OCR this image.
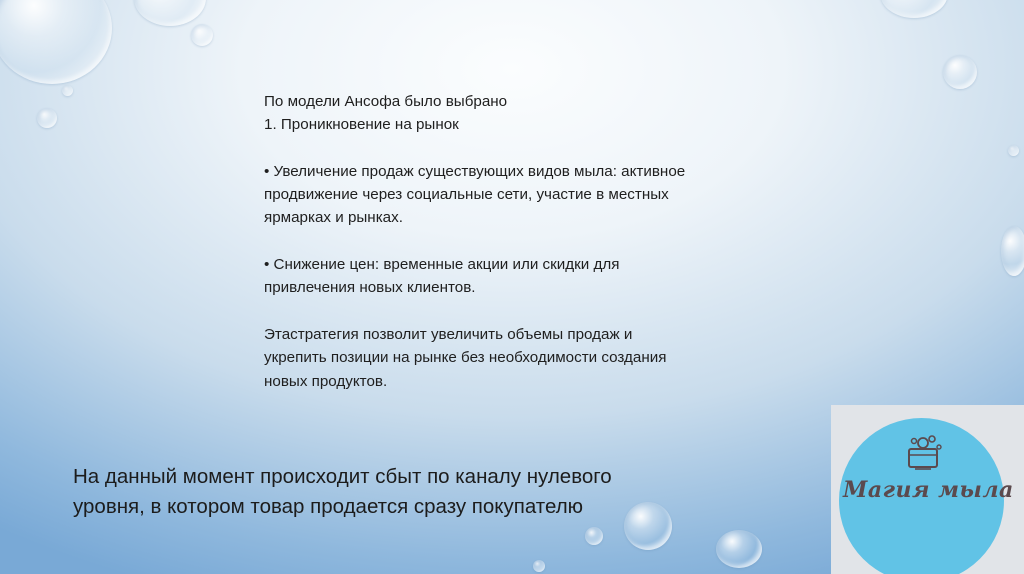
По модели Ансофа было выбрано

1. Проникновение на рынок

• Увеличение продаж существующих видов мыла: активное

продвижение через социальные сети, участие в местных

ярмарках и рынках.

• Снижение цен: временные акции или скидки для

привлечения новых клиентов.

Этастратегия позволит увеличить объемы продаж и

укрепить позиции на рынке без необходимости создания

новых продуктов.

На данный момент происходит сбыт по каналу нулевого
уровня, в котором товар продается сразу покупателю
Магия мыла
